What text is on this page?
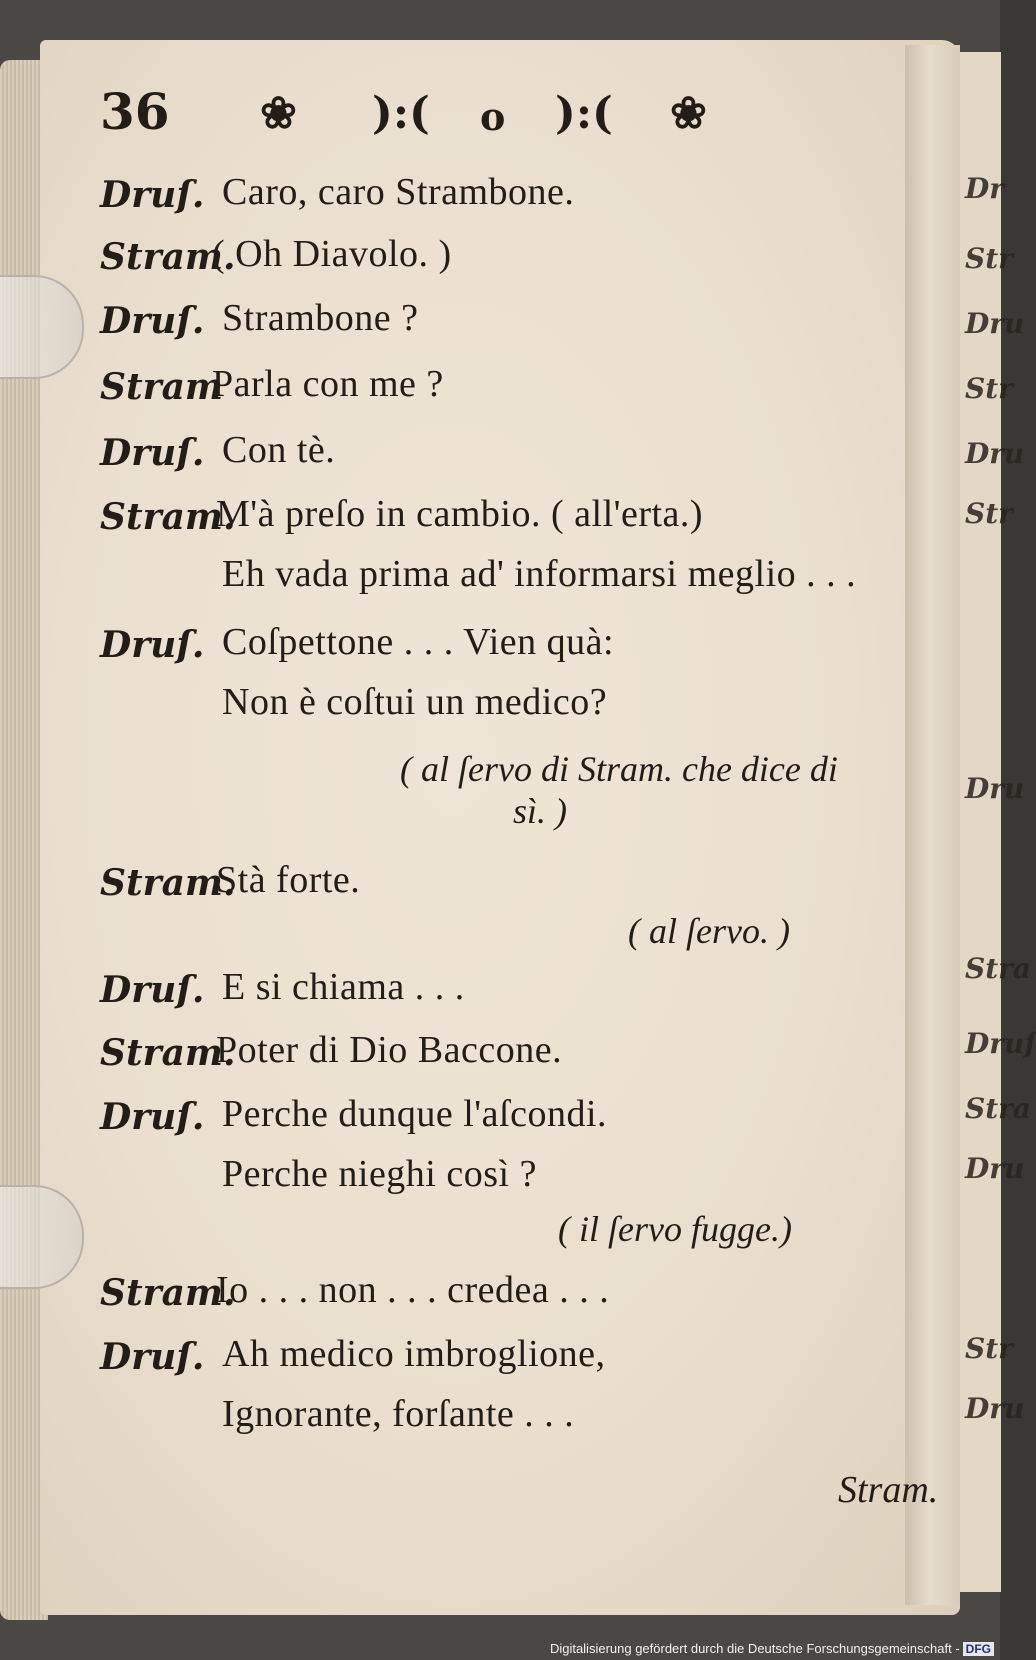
Dr
Str
Dru
Str
Dru
Str
Dru
Stra
Druſ
Stra
Dru
Str
Dru
36 ❀ ):( o ):( ❀
Druſ. Caro, caro Strambone.
Stram.
( Oh Diavolo. )
Druſ. Strambone ?
Stram
Parla con me ?
Druſ. Con tè.
Stram.
M'à preſo in cambio. ( all'erta.)
Eh vada prima ad' informarsi meglio . . .
Druſ. Coſpettone . . . Vien quà:
Non è coſtui un medico?
( al ſervo di Stram. che dice di
sì. )
Stram.
Stà forte.
( al ſervo. )
Druſ. E si chiama . . .
Stram.
Poter di Dio Baccone.
Druſ. Perche dunque l'aſcondi.
Perche nieghi così ?
( il ſervo fugge.)
Stram.
Io . . . non . . . credea . . .
Druſ. Ah medico imbroglione,
Ignorante, forſante . . .
Stram.
Digitalisierung gefördert durch die Deutsche Forschungsgemeinschaft - DFG
